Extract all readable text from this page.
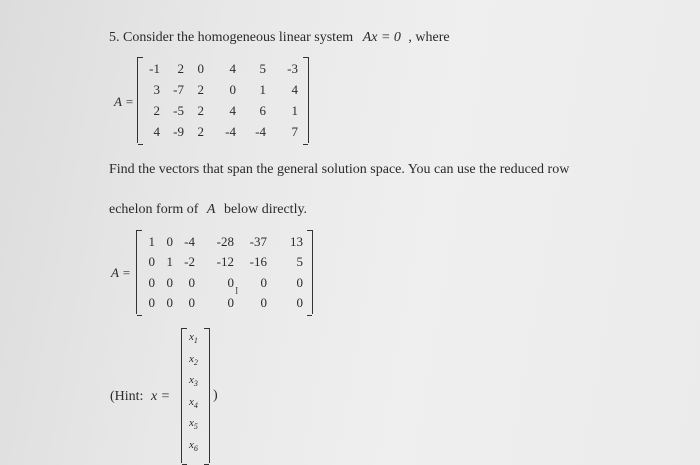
5. Consider the homogeneous linear system Ax = 0 , where
A =
-1	2	0	4	5	-3
3	-7	2	0	1	4
2	-5	2	4	6	1
4	-9	2	-4	-4	7
Find the vectors that span the general solution space. You can use the reduced row
echelon form of A below directly.
A =
1 0 -4	-28	-37	13
0 1 -2	-12	-16	5
0 0	0	0	0	0
0 0	0	0	0	0
I
(Hint: x =
$x_1$
$x_2$
$x_3$
$x_4$
$x_5$
$x_6$
)
